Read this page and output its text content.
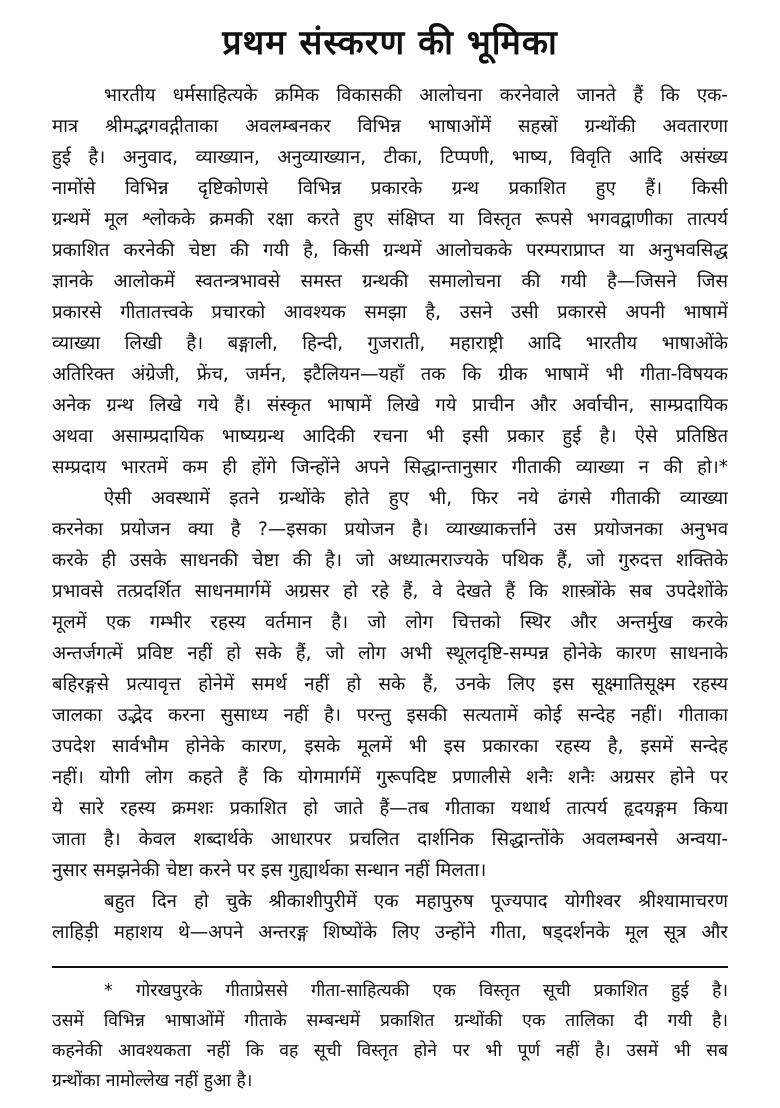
प्रथम संस्करण की भूमिका
भारतीय धर्मसाहित्यके क्रमिक विकासकी आलोचना करनेवाले जानते हैं कि एक-
मात्र श्रीमद्भगवद्गीताका अवलम्बनकर विभिन्न भाषाओंमें सहस्रों ग्रन्थोंकी अवतारणा
हुई है। अनुवाद, व्याख्यान, अनुव्याख्यान, टीका, टिप्पणी, भाष्य, विवृति आदि असंख्य
नामोंसे विभिन्न दृष्टिकोणसे विभिन्न प्रकारके ग्रन्थ प्रकाशित हुए हैं। किसी
ग्रन्थमें मूल श्लोकके क्रमकी रक्षा करते हुए संक्षिप्त या विस्तृत रूपसे भगवद्वाणीका तात्पर्य
प्रकाशित करनेकी चेष्टा की गयी है, किसी ग्रन्थमें आलोचकके परम्पराप्राप्त या अनुभवसिद्ध
ज्ञानके आलोकमें स्वतन्त्रभावसे समस्त ग्रन्थकी समालोचना की गयी है—जिसने जिस
प्रकारसे गीतातत्त्वके प्रचारको आवश्यक समझा है, उसने उसी प्रकारसे अपनी भाषामें
व्याख्या लिखी है। बङ्गाली, हिन्दी, गुजराती, महाराष्ट्री आदि भारतीय भाषाओंके
अतिरिक्त अंग्रेजी, फ्रेंच, जर्मन, इटैलियन—यहाँ तक कि ग्रीक भाषामें भी गीता-विषयक
अनेक ग्रन्थ लिखे गये हैं। संस्कृत भाषामें लिखे गये प्राचीन और अर्वाचीन, साम्प्रदायिक
अथवा असाम्प्रदायिक भाष्यग्रन्थ आदिकी रचना भी इसी प्रकार हुई है। ऐसे प्रतिष्ठित
सम्प्रदाय भारतमें कम ही होंगे जिन्होंने अपने सिद्धान्तानुसार गीताकी व्याख्या न की हो।*
ऐसी अवस्थामें इतने ग्रन्थोंके होते हुए भी, फिर नये ढंगसे गीताकी व्याख्या
करनेका प्रयोजन क्या है ?—इसका प्रयोजन है। व्याख्याकर्त्ताने उस प्रयोजनका अनुभव
करके ही उसके साधनकी चेष्टा की है। जो अध्यात्मराज्यके पथिक हैं, जो गुरुदत्त शक्तिके
प्रभावसे तत्प्रदर्शित साधनमार्गमें अग्रसर हो रहे हैं, वे देखते हैं कि शास्त्रोंके सब उपदेशोंके
मूलमें एक गम्भीर रहस्य वर्तमान है। जो लोग चित्तको स्थिर और अन्तर्मुख करके
अन्तर्जगत्में प्रविष्ट नहीं हो सके हैं, जो लोग अभी स्थूलदृष्टि-सम्पन्न होनेके कारण साधनाके
बहिरङ्गसे प्रत्यावृत्त होनेमें समर्थ नहीं हो सके हैं, उनके लिए इस सूक्ष्मातिसूक्ष्म रहस्य
जालका उद्भेद करना सुसाध्य नहीं है। परन्तु इसकी सत्यतामें कोई सन्देह नहीं। गीताका
उपदेश सार्वभौम होनेके कारण, इसके मूलमें भी इस प्रकारका रहस्य है, इसमें सन्देह
नहीं। योगी लोग कहते हैं कि योगमार्गमें गुरूपदिष्ट प्रणालीसे शनैः शनैः अग्रसर होने पर
ये सारे रहस्य क्रमशः प्रकाशित हो जाते हैं—तब गीताका यथार्थ तात्पर्य हृदयङ्गम किया
जाता है। केवल शब्दार्थके आधारपर प्रचलित दार्शनिक सिद्धान्तोंके अवलम्बनसे अन्वया-
नुसार समझनेकी चेष्टा करने पर इस गुह्यार्थका सन्धान नहीं मिलता।
बहुत दिन हो चुके श्रीकाशीपुरीमें एक महापुरुष पूज्यपाद योगीश्वर श्रीश्यामाचरण
लाहिड़ी महाशय थे—अपने अन्तरङ्ग शिष्योंके लिए उन्होंने गीता, षड्दर्शनके मूल सूत्र और
* गोरखपुरके गीताप्रेससे गीता-साहित्यकी एक विस्तृत सूची प्रकाशित हुई है।
उसमें विभिन्न भाषाओंमें गीताके सम्बन्धमें प्रकाशित ग्रन्थोंकी एक तालिका दी गयी है।
कहनेकी आवश्यकता नहीं कि वह सूची विस्तृत होने पर भी पूर्ण नहीं है। उसमें भी सब
ग्रन्थोंका नामोल्लेख नहीं हुआ है।
